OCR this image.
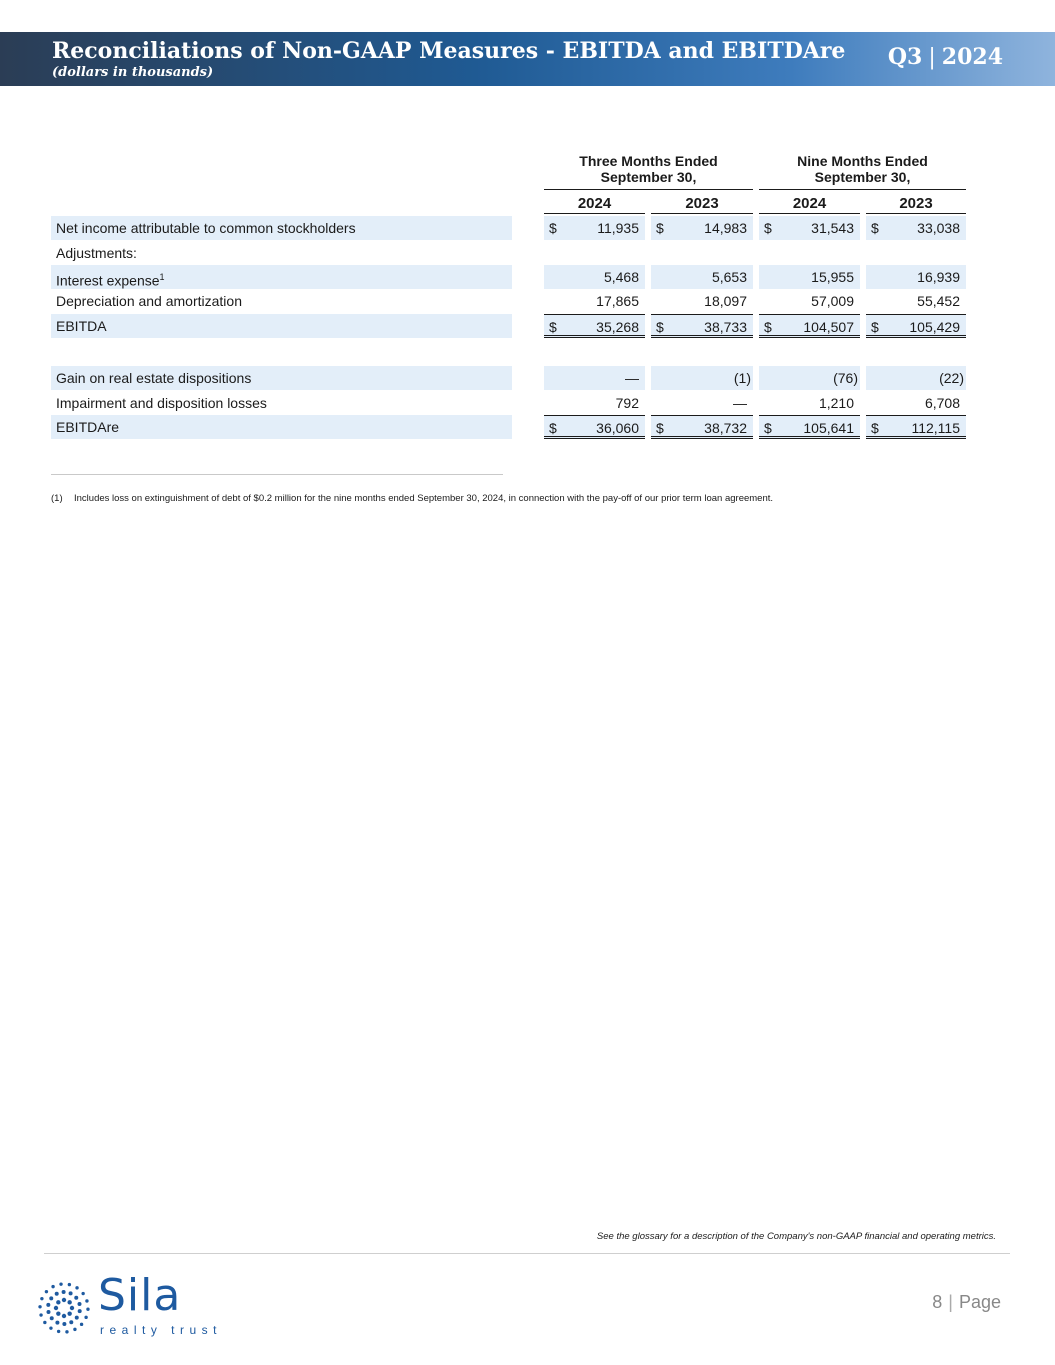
Reconciliations of Non-GAAP Measures - EBITDA and EBITDAre
(dollars in thousands)
Q3 | 2024
Three Months Ended September 30,
Nine Months Ended September 30,
2024	2023	2024	2023
Net income attributable to common stockholders	$	11,935 $	14,983 $	31,543 $	33,038
Adjustments:
Interest expense$^1$	5,468	5,653	15,955	16,939
Depreciation and amortization	17,865	18,097	57,009	55,452
EBITDA	$	35,268 $	38,733 $ 104,507 $ 105,429
Gain on real estate dispositions	—	(1)	(76)	(22)
Impairment and disposition losses	792	—	1,210	6,708
EBITDAre	$	36,060 $	38,732 $ 105,641 $ 112,115
(1) Includes loss on extinguishment of debt of $0.2 million for the nine months ended September 30, 2024, in connection with the pay-off of our prior term loan agreement.
See the glossary for a description of the Company's non-GAAP financial and operating metrics.
Sila
realty trust
8 | Page
